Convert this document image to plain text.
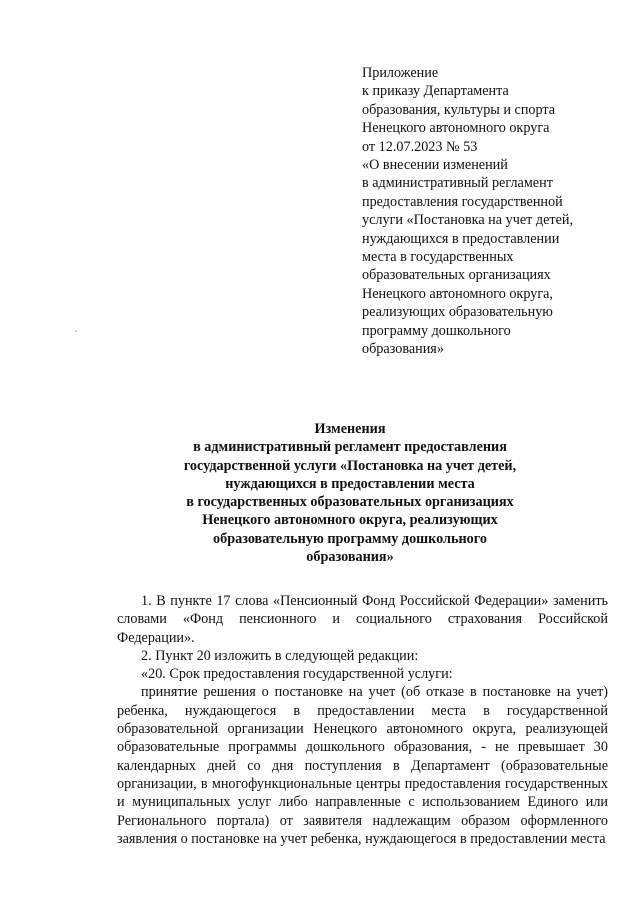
Приложение
к приказу Департамента
образования, культуры и спорта
Ненецкого автономного округа
от 12.07.2023 № 53
«О внесении изменений
в административный регламент
предоставления государственной
услуги «Постановка на учет детей,
нуждающихся в предоставлении
места в государственных
образовательных организациях
Ненецкого автономного округа,
реализующих образовательную
программу дошкольного
образования»
Изменения
в административный регламент предоставления
государственной услуги «Постановка на учет детей,
нуждающихся в предоставлении места
в государственных образовательных организациях
Ненецкого автономного округа, реализующих
образовательную программу дошкольного
образования»
1. В пункте 17 слова «Пенсионный Фонд Российской Федерации» заменить словами «Фонд пенсионного и социального страхования Российской Федерации».
2. Пункт 20 изложить в следующей редакции:
«20. Срок предоставления государственной услуги:
принятие решения о постановке на учет (об отказе в постановке на учет) ребенка, нуждающегося в предоставлении места в государственной образовательной организации Ненецкого автономного округа, реализующей образовательные программы дошкольного образования, - не превышает 30 календарных дней со дня поступления в Департамент (образовательные организации, в многофункциональные центры предоставления государственных и муниципальных услуг либо направленные с использованием Единого или Регионального портала) от заявителя надлежащим образом оформленного заявления о постановке на учет ребенка, нуждающегося в предоставлении места
